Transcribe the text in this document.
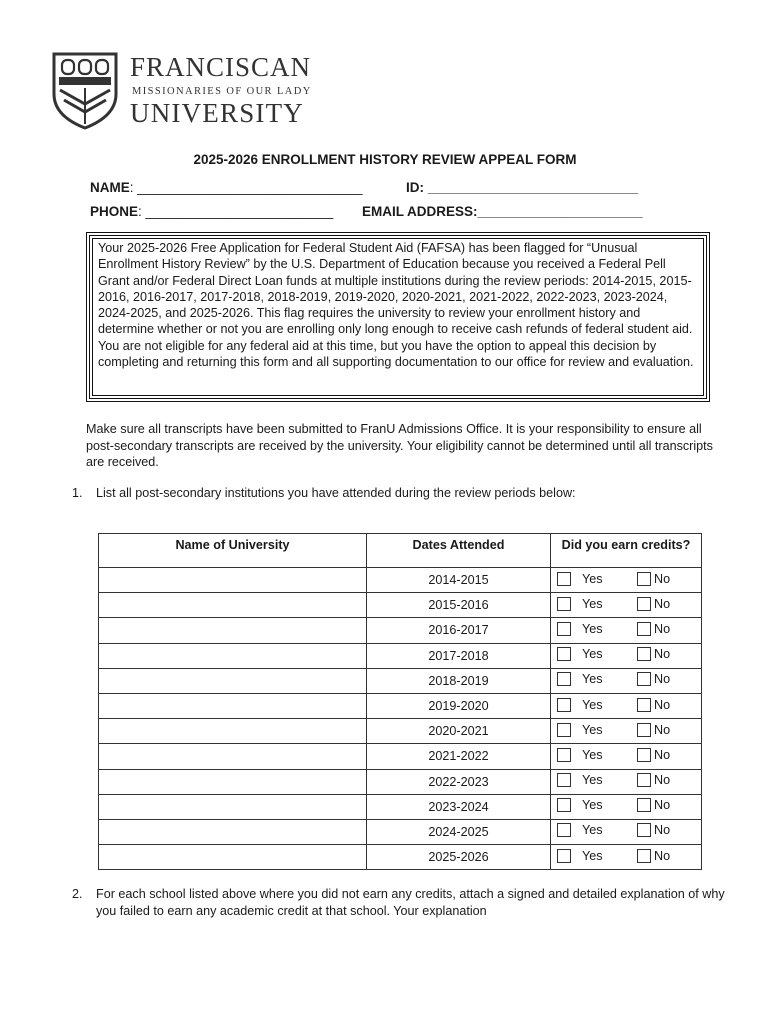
FRANCISCAN
MISSIONARIES OF OUR LADY
UNIVERSITY
2025-2026 ENROLLMENT HISTORY REVIEW APPEAL FORM
NAME: ______________________________	ID: ____________________________
PHONE: _________________________ EMAIL ADDRESS:______________________

Your 2025-2026 Free Application for Federal Student Aid (FAFSA) has been flagged for “Unusual Enrollment History Review” by the U.S. Department of Education because you received a Federal Pell Grant and/or Federal Direct Loan funds at multiple institutions during the review periods: 2014-2015, 2015-2016, 2016-2017, 2017-2018, 2018-2019, 2019-2020, 2020-2021, 2021-2022, 2022-2023, 2023-2024, 2024-2025, and 2025-2026. This flag requires the university to review your enrollment history and determine whether or not you are enrolling only long enough to receive cash refunds of federal student aid. You are not eligible for any federal aid at this time, but you have the option to appeal this decision by completing and returning this form and all supporting documentation to our office for review and evaluation.

Make sure all transcripts have been submitted to FranU Admissions Office. It is your responsibility to ensure all post-secondary transcripts are received by the university. Your eligibility cannot be determined until all transcripts are received.
1. List all post-secondary institutions you have attended during the review periods below:
Name of University	Dates Attended	Did you earn credits?
	2014-2015	Yes No

	2015-2016	Yes No

	2016-2017	Yes No

	2017-2018	Yes No

	2018-2019	Yes No

	2019-2020	Yes No

	2020-2021	Yes No

	2021-2022	Yes No

	2022-2023	Yes No

	2023-2024	Yes No

	2024-2025	Yes No

	2025-2026	Yes No
2. For each school listed above where you did not earn any credits, attach a signed and detailed explanation of why you failed to earn any academic credit at that school. Your explanation
